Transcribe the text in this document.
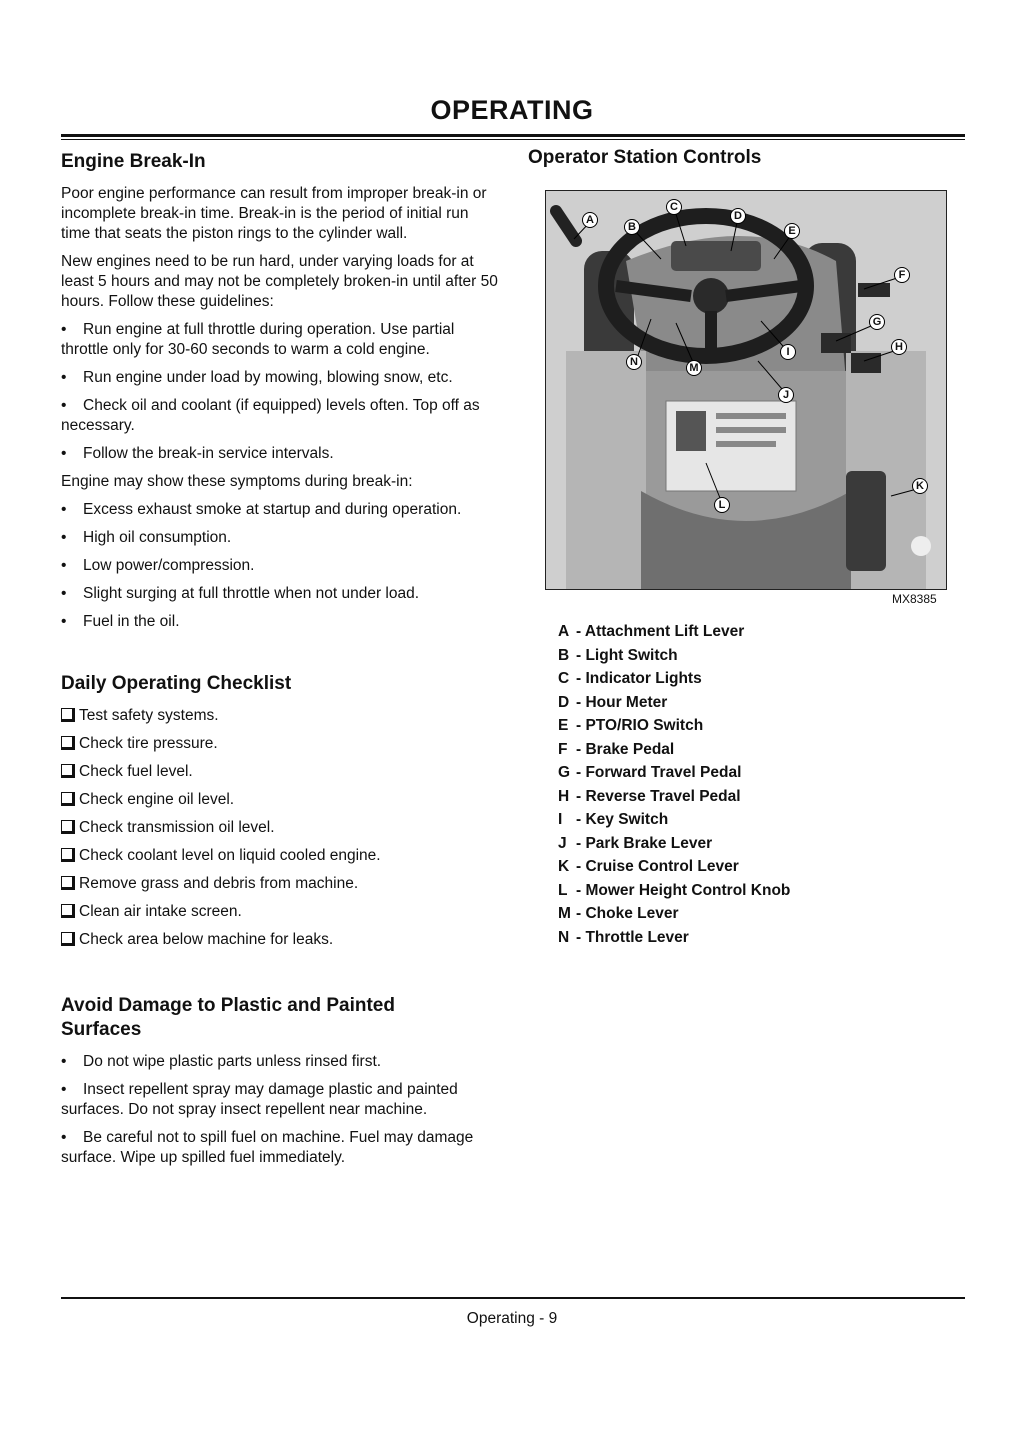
OPERATING
Engine Break-In

Poor engine performance can result from improper break-in or incomplete break-in time. Break-in is the period of initial run time that seats the piston rings to the cylinder wall.

New engines need to be run hard, under varying loads for at least 5 hours and may not be completely broken-in until after 50 hours. Follow these guidelines:

• Run engine at full throttle during operation. Use partial throttle only for 30-60 seconds to warm a cold engine.
• Run engine under load by mowing, blowing snow, etc.
• Check oil and coolant (if equipped) levels often. Top off as necessary.
• Follow the break-in service intervals.

Engine may show these symptoms during break-in:

• Excess exhaust smoke at startup and during operation.
• High oil consumption.
• Low power/compression.
• Slight surging at full throttle when not under load.
• Fuel in the oil.
Daily Operating Checklist
Test safety systems.
Check tire pressure.
Check fuel level.
Check engine oil level.
Check transmission oil level.
Check coolant level on liquid cooled engine.
Remove grass and debris from machine.
Clean air intake screen.
Check area below machine for leaks.
Avoid Damage to Plastic and Painted Surfaces
• Do not wipe plastic parts unless rinsed first.
• Insect repellent spray may damage plastic and painted surfaces. Do not spray insect repellent near machine.
• Be careful not to spill fuel on machine. Fuel may damage surface. Wipe up spilled fuel immediately.
Operator Station Controls
A
B
C
D
E
F
G
H
I
J
K
L
M
N
MX8385
A - Attachment Lift Lever
B - Light Switch
C - Indicator Lights
D - Hour Meter
E - PTO/RIO Switch
F - Brake Pedal
G - Forward Travel Pedal
H - Reverse Travel Pedal
I - Key Switch
J - Park Brake Lever
K - Cruise Control Lever
L - Mower Height Control Knob
M - Choke Lever
N - Throttle Lever
Operating - 9
